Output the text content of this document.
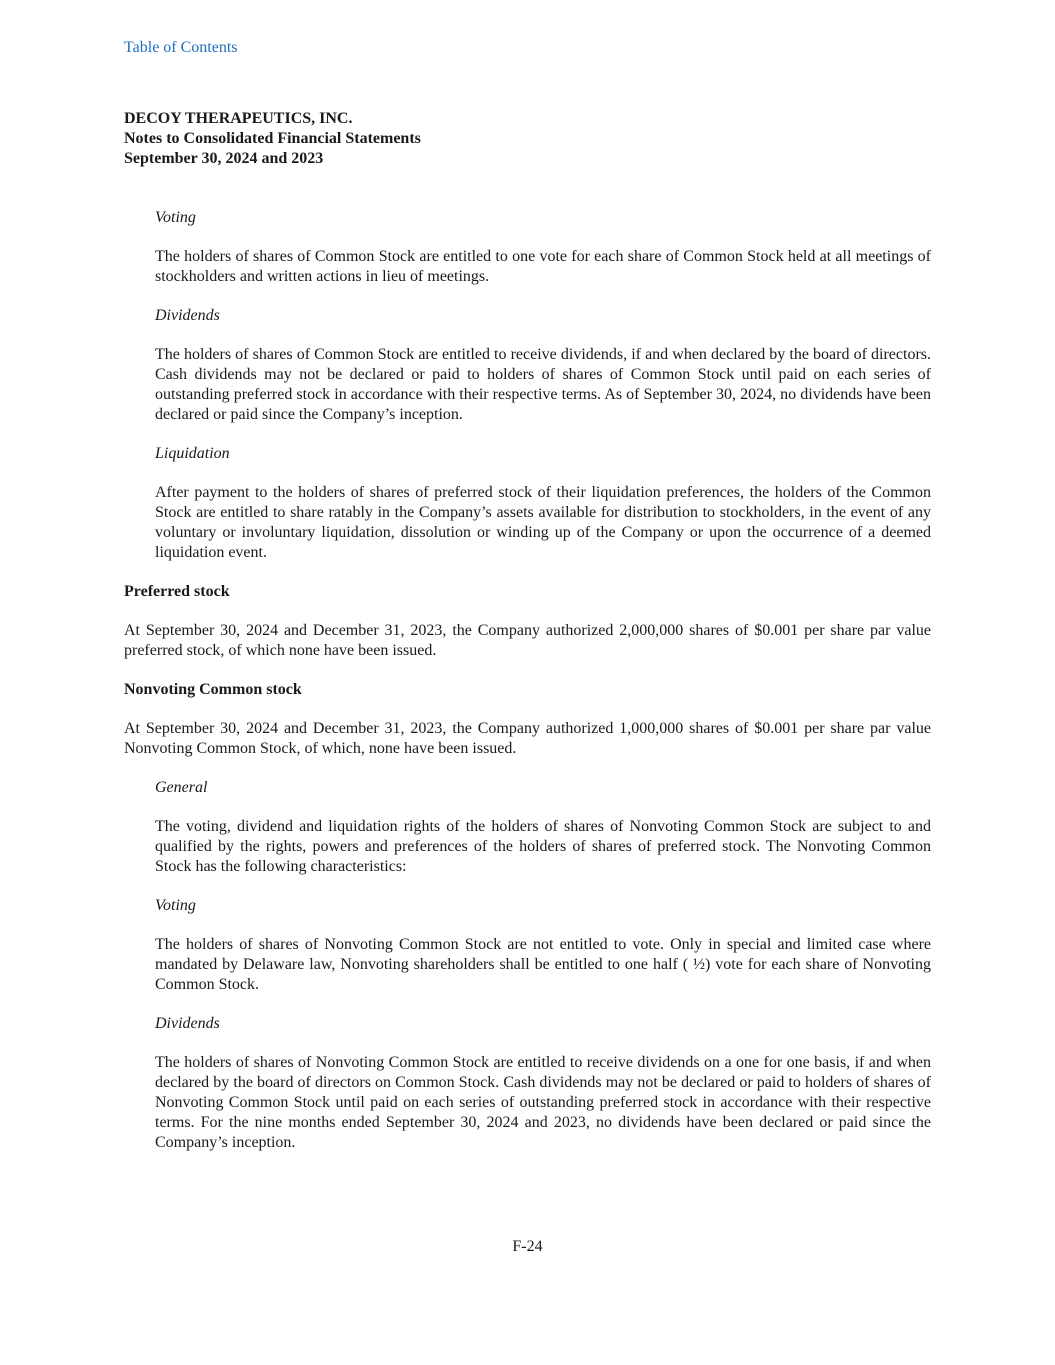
Table of Contents
DECOY THERAPEUTICS, INC.
Notes to Consolidated Financial Statements
September 30, 2024 and 2023
Voting
The holders of shares of Common Stock are entitled to one vote for each share of Common Stock held at all meetings of stockholders and written actions in lieu of meetings.
Dividends
The holders of shares of Common Stock are entitled to receive dividends, if and when declared by the board of directors. Cash dividends may not be declared or paid to holders of shares of Common Stock until paid on each series of outstanding preferred stock in accordance with their respective terms. As of September 30, 2024, no dividends have been declared or paid since the Company’s inception.
Liquidation
After payment to the holders of shares of preferred stock of their liquidation preferences, the holders of the Common Stock are entitled to share ratably in the Company’s assets available for distribution to stockholders, in the event of any voluntary or involuntary liquidation, dissolution or winding up of the Company or upon the occurrence of a deemed liquidation event.
Preferred stock
At September 30, 2024 and December 31, 2023, the Company authorized 2,000,000 shares of $0.001 per share par value preferred stock, of which none have been issued.
Nonvoting Common stock
At September 30, 2024 and December 31, 2023, the Company authorized 1,000,000 shares of $0.001 per share par value Nonvoting Common Stock, of which, none have been issued.
General
The voting, dividend and liquidation rights of the holders of shares of Nonvoting Common Stock are subject to and qualified by the rights, powers and preferences of the holders of shares of preferred stock. The Nonvoting Common Stock has the following characteristics:
Voting
The holders of shares of Nonvoting Common Stock are not entitled to vote. Only in special and limited case where mandated by Delaware law, Nonvoting shareholders shall be entitled to one half ( ½) vote for each share of Nonvoting Common Stock.
Dividends
The holders of shares of Nonvoting Common Stock are entitled to receive dividends on a one for one basis, if and when declared by the board of directors on Common Stock. Cash dividends may not be declared or paid to holders of shares of Nonvoting Common Stock until paid on each series of outstanding preferred stock in accordance with their respective terms. For the nine months ended September 30, 2024 and 2023, no dividends have been declared or paid since the Company’s inception.
F-24
